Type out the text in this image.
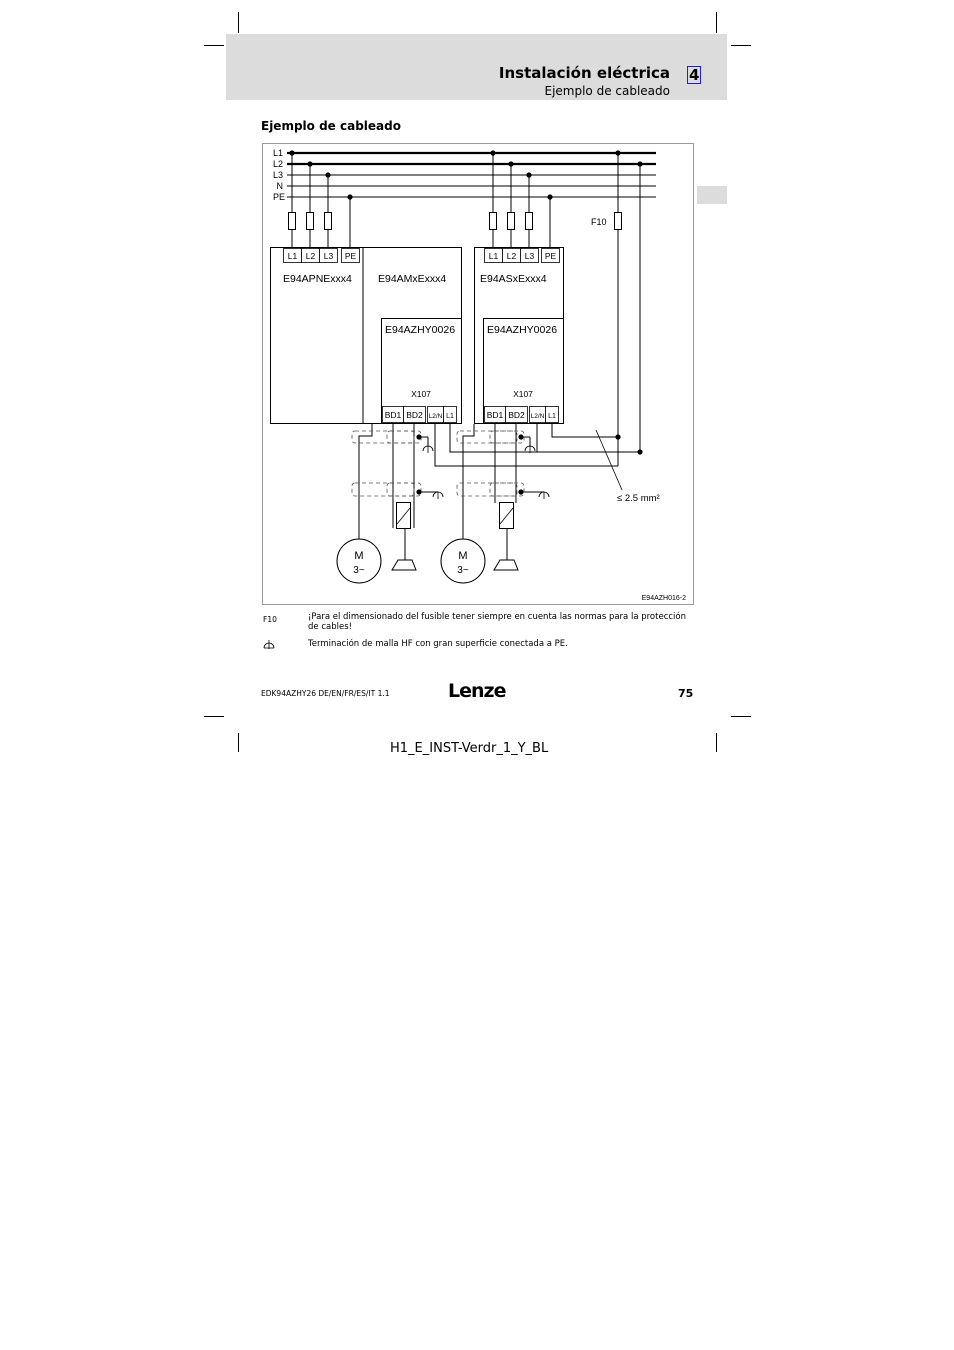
Instalación eléctrica 4
Ejemplo de cableado
Ejemplo de cableado
L1
L2
L3
N
PE
F10
L1 L2 L3 PE
E94APNExxx4 E94AMxExxx4
E94AZHY0026
X107
BD1 BD2 L2/N L1
L1 L2 L3 PE
E94ASxExxx4
E94AZHY0026
X107
BD1 BD2 L2/N L1
≤ 2.5 mm²
M
3~
M
3~
E94AZH016-2
F10	¡Para el dimensionado del fusible tener siempre en cuenta las normas para la protección de cables!
Terminación de malla HF con gran superficie conectada a PE.
EDK94AZHY26 DE/EN/FR/ES/IT 1.1	Lenze	75
H1_E_INST-Verdr_1_Y_BL
